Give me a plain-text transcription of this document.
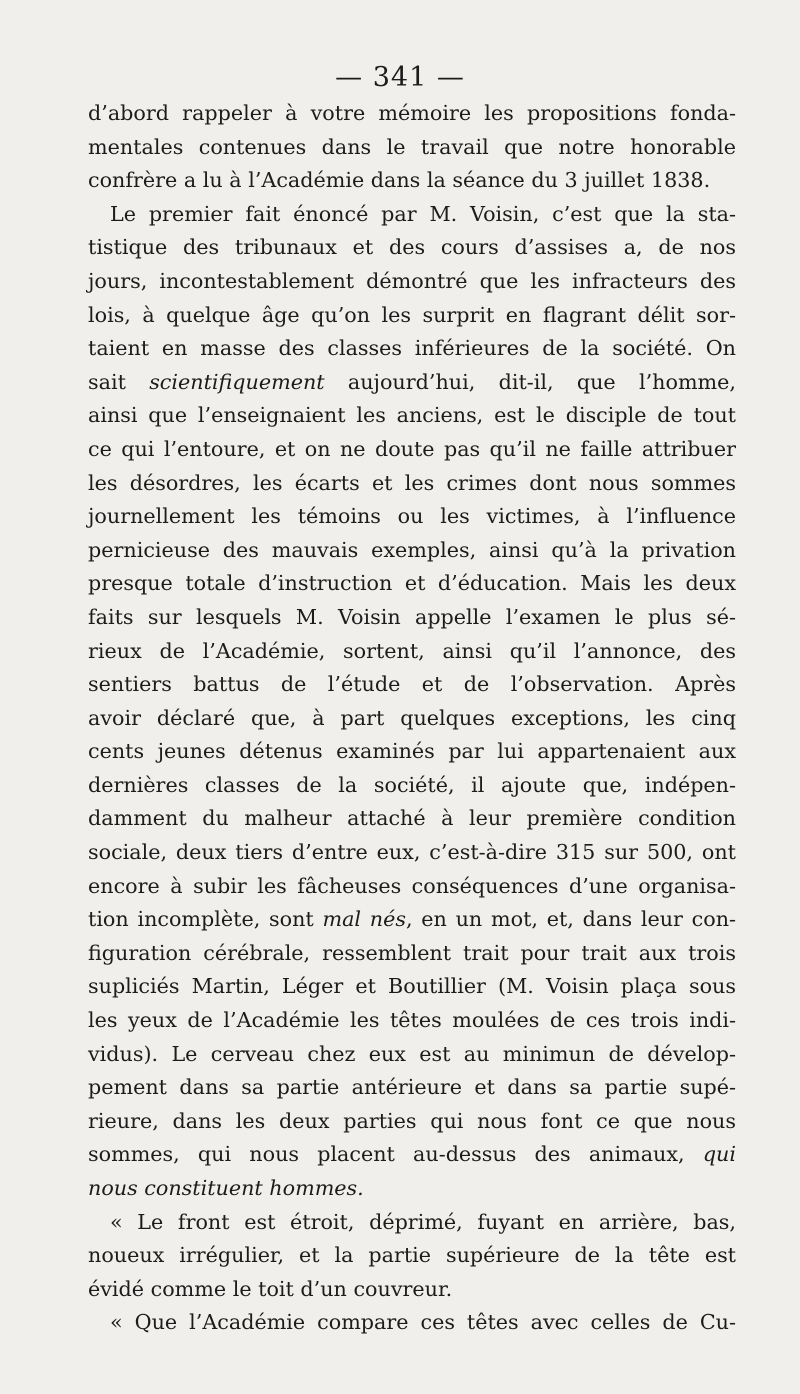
— 341 —
d’abord rappeler à votre mémoire les propositions fonda-
mentales contenues dans le travail que notre honorable
confrère a lu à l’Académie dans la séance du 3 juillet 1838.
Le premier fait énoncé par M. Voisin, c’est que la sta-
tistique des tribunaux et des cours d’assises a, de nos
jours, incontestablement démontré que les infracteurs des
lois, à quelque âge qu’on les surprit en flagrant délit sor-
taient en masse des classes inférieures de la société. On
sait scientifiquement aujourd’hui, dit-il, que l’homme,
ainsi que l’enseignaient les anciens, est le disciple de tout
ce qui l’entoure, et on ne doute pas qu’il ne faille attribuer
les désordres, les écarts et les crimes dont nous sommes
journellement les témoins ou les victimes, à l’influence
pernicieuse des mauvais exemples, ainsi qu’à la privation
presque totale d’instruction et d’éducation. Mais les deux
faits sur lesquels M. Voisin appelle l’examen le plus sé-
rieux de l’Académie, sortent, ainsi qu’il l’annonce, des
sentiers battus de l’étude et de l’observation. Après
avoir déclaré que, à part quelques exceptions, les cinq
cents jeunes détenus examinés par lui appartenaient aux
dernières classes de la société, il ajoute que, indépen-
damment du malheur attaché à leur première condition
sociale, deux tiers d’entre eux, c’est-à-dire 315 sur 500, ont
encore à subir les fâcheuses conséquences d’une organisa-
tion incomplète, sont mal nés, en un mot, et, dans leur con-
figuration cérébrale, ressemblent trait pour trait aux trois
supliciés Martin, Léger et Boutillier (M. Voisin plaça sous
les yeux de l’Académie les têtes moulées de ces trois indi-
vidus). Le cerveau chez eux est au minimun de dévelop-
pement dans sa partie antérieure et dans sa partie supé-
rieure, dans les deux parties qui nous font ce que nous
sommes, qui nous placent au-dessus des animaux, qui
nous constituent hommes.
« Le front est étroit, déprimé, fuyant en arrière, bas,
noueux irrégulier, et la partie supérieure de la tête est
évidé comme le toit d’un couvreur.
« Que l’Académie compare ces têtes avec celles de Cu-
